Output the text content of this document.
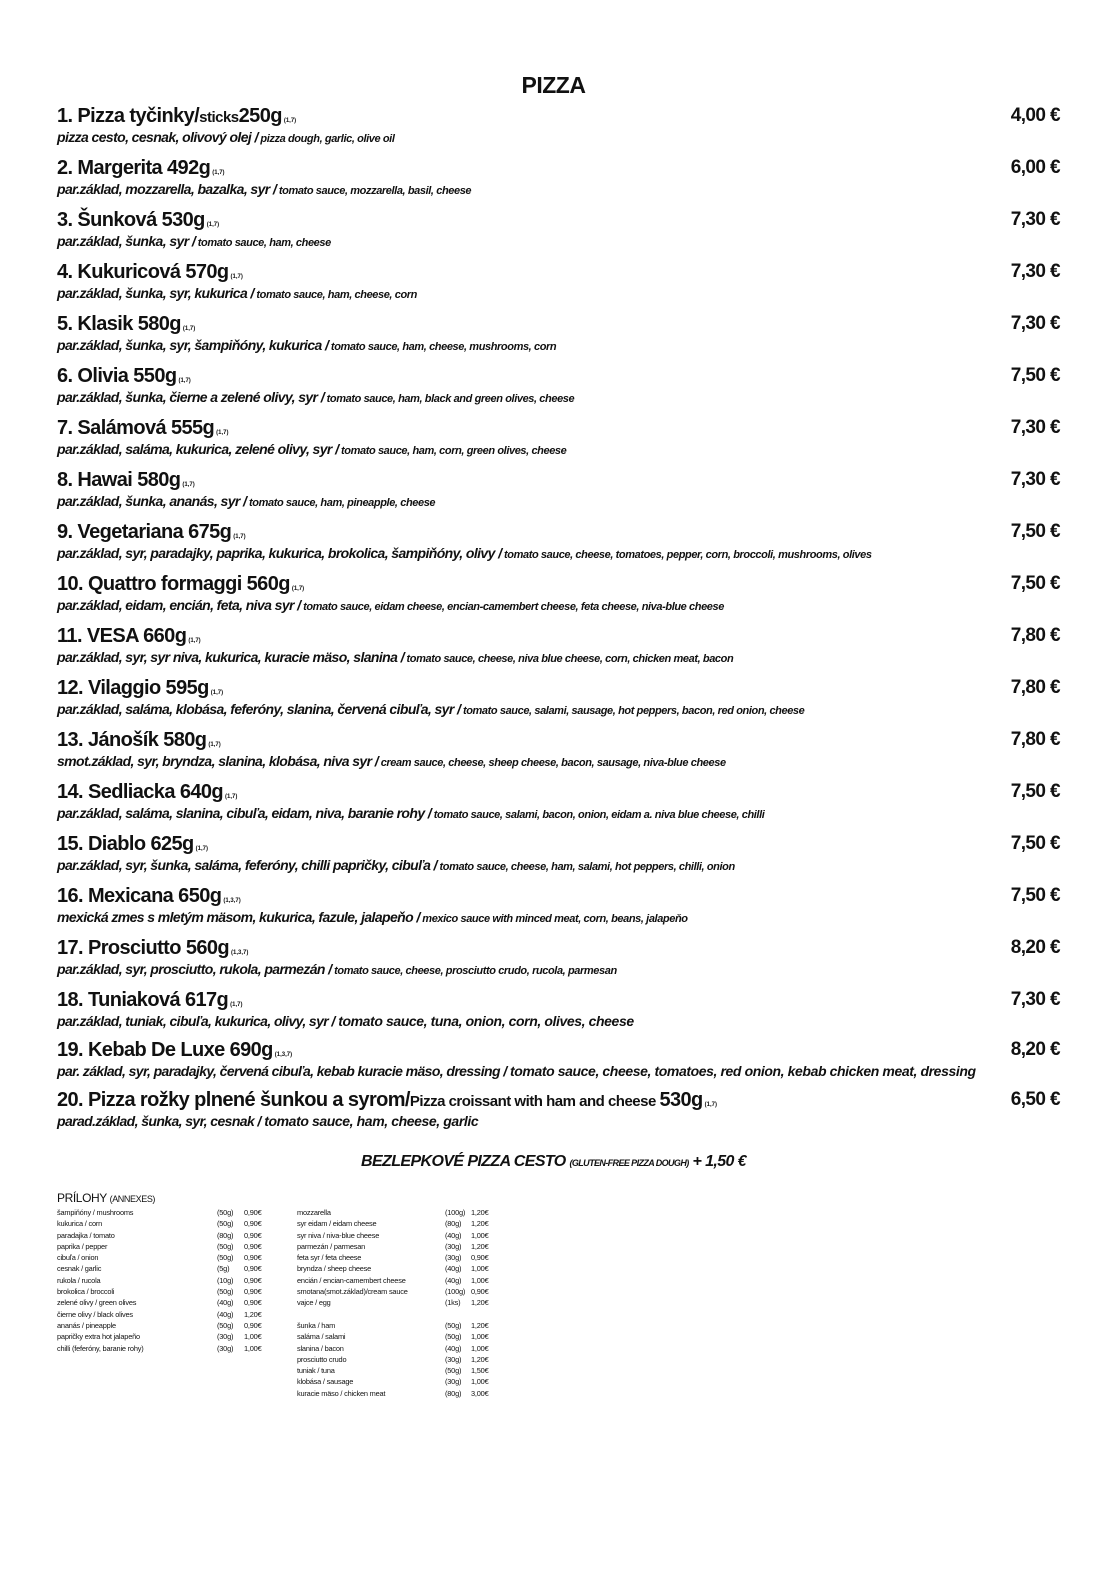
PIZZA
1. Pizza tyčinky/sticks250g (1,7)	4,00 €
pizza cesto, cesnak, olivový olej / pizza dough, garlic, olive oil
2. Margerita 492g (1,7)	6,00 €
par.základ, mozzarella, bazalka, syr / tomato sauce, mozzarella, basil, cheese
3. Šunková 530g (1,7)	7,30 €
par.základ, šunka, syr / tomato sauce, ham, cheese
4. Kukuricová 570g (1,7)	7,30 €
par.základ, šunka, syr, kukurica / tomato sauce, ham, cheese, corn
5. Klasik 580g (1,7)	7,30 €
par.základ, šunka, syr, šampiňóny, kukurica / tomato sauce, ham, cheese, mushrooms, corn
6. Olivia 550g (1,7)	7,50 €
par.základ, šunka, čierne a zelené olivy, syr / tomato sauce, ham, black and green olives, cheese
7. Salámová 555g (1,7)	7,30 €
par.základ, saláma, kukurica, zelené olivy, syr / tomato sauce, ham, corn, green olives, cheese
8. Hawai 580g (1,7)	7,30 €
par.základ, šunka, ananás, syr / tomato sauce, ham, pineapple, cheese
9. Vegetariana 675g (1,7)	7,50 €
par.základ, syr, paradajky, paprika, kukurica, brokolica, šampiňóny, olivy / tomato sauce, cheese, tomatoes, pepper, corn, broccoli, mushrooms, olives
10. Quattro formaggi 560g (1,7)	7,50 €
par.základ, eidam, encián, feta, niva syr / tomato sauce, eidam cheese, encian-camembert cheese, feta cheese, niva-blue cheese
11. VESA 660g (1,7)	7,80 €
par.základ, syr, syr niva, kukurica, kuracie mäso, slanina / tomato sauce, cheese, niva blue cheese, corn, chicken meat, bacon
12. Vilaggio 595g (1,7)	7,80 €
par.základ, saláma, klobása, feferóny, slanina, červená cibuľa, syr / tomato sauce, salami, sausage, hot peppers, bacon, red onion, cheese
13. Jánošík 580g (1,7)	7,80 €
smot.základ, syr, bryndza, slanina, klobása, niva syr / cream sauce, cheese, sheep cheese, bacon, sausage, niva-blue cheese
14. Sedliacka 640g (1,7)	7,50 €
par.základ, saláma, slanina, cibuľa, eidam, niva, baranie rohy / tomato sauce, salami, bacon, onion, eidam a. niva blue cheese, chilli
15. Diablo 625g (1,7)	7,50 €
par.základ, syr, šunka, saláma, feferóny, chilli papričky, cibuľa / tomato sauce, cheese, ham, salami, hot peppers, chilli, onion
16. Mexicana 650g (1,3,7)	7,50 €
mexická zmes s mletým mäsom, kukurica, fazule, jalapeňo / mexico sauce with minced meat, corn, beans, jalapeňo
17. Prosciutto 560g (1,3,7)	8,20 €
par.základ, syr, prosciutto, rukola, parmezán / tomato sauce, cheese, prosciutto crudo, rucola, parmesan
18. Tuniaková 617g (1,7)	7,30 €
par.základ, tuniak, cibuľa, kukurica, olivy, syr / tomato sauce, tuna, onion, corn, olives, cheese
19. Kebab De Luxe 690g (1,3,7)	8,20 €
par. základ, syr, paradajky, červená cibuľa, kebab kuracie mäso, dressing / tomato sauce, cheese, tomatoes, red onion, kebab chicken meat, dressing
20. Pizza rožky plnené šunkou a syrom/Pizza croissant with ham and cheese 530g (1,7)	6,50 €
parad.základ, šunka, syr, cesnak / tomato sauce, ham, cheese, garlic
BEZLEPKOVÉ PIZZA CESTO (GLUTEN-FREE PIZZA DOUGH) + 1,50 €
PRÍLOHY (ANNEXES)
šampiňóny / mushrooms	(50g) 0,90€
kukurica / corn	(50g) 0,90€
paradajka / tomato	(80g) 0,90€
paprika / pepper	(50g) 0,90€
cibuľa / onion	(50g) 0,90€
cesnak / garlic	(5g) 0,90€
rukola / rucola	(10g) 0,90€
brokolica / broccoli	(50g) 0,90€
zelené olivy / green olives	(40g) 0,90€
čierne olivy / black olives	(40g) 1,20€
ananás / pineapple	(50g) 0,90€
papričky extra hot jalapeño	(30g) 1,00€
chilli (feferóny, baranie rohy)	(30g) 1,00€
mozzarella	(100g) 1,20€
syr eidam / eidam cheese	(80g) 1,20€
syr niva / niva-blue cheese	(40g) 1,00€
parmezán / parmesan	(30g) 1,20€
feta syr / feta cheese	(30g) 0,90€
bryndza / sheep cheese	(40g) 1,00€
encián / encian-camembert cheese	(40g) 1,00€
smotana(smot.základ)/cream sauce	(100g) 0,90€
vajce / egg	(1ks) 1,20€
šunka / ham	(50g) 1,20€
saláma / salami	(50g) 1,00€
slanina / bacon	(40g) 1,00€
prosciutto crudo	(30g) 1,20€
tuniak / tuna	(50g) 1,50€
klobása / sausage	(30g) 1,00€
kuracie mäso / chicken meat	(80g) 3,00€
